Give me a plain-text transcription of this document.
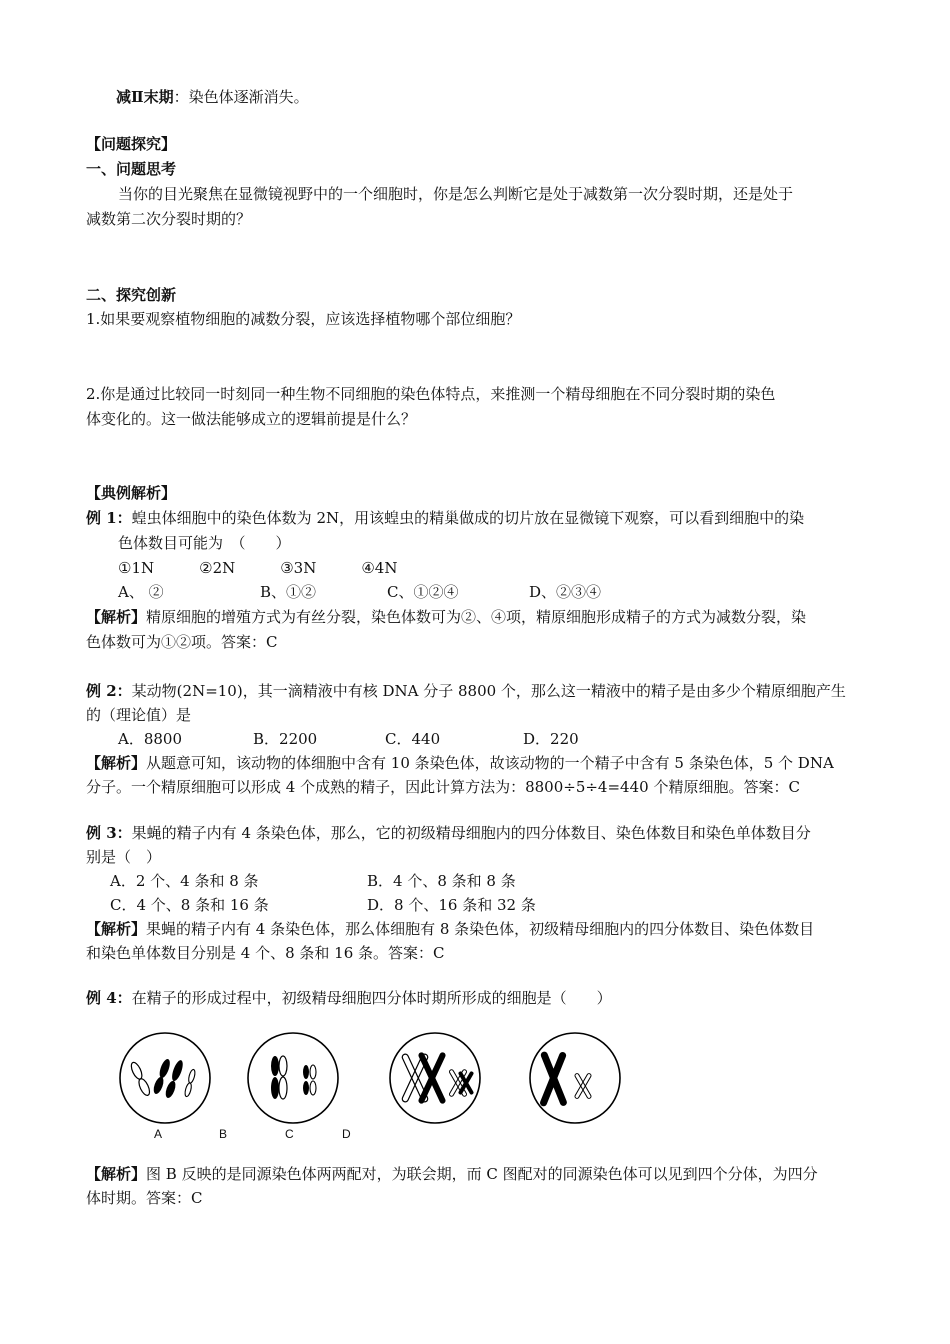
减Ⅱ末期：染色体逐渐消失。
【问题探究】
一、问题思考
当你的目光聚焦在显微镜视野中的一个细胞时，你是怎么判断它是处于减数第一次分裂时期，还是处于
减数第二次分裂时期的？
二、探究创新
1.如果要观察植物细胞的减数分裂，应该选择植物哪个部位细胞？
2.你是通过比较同一时刻同一种生物不同细胞的染色体特点，来推测一个精母细胞在不同分裂时期的染色
体变化的。这一做法能够成立的逻辑前提是什么？
【典例解析】
例 1：蝗虫体细胞中的染色体数为 2N，用该蝗虫的精巢做成的切片放在显微镜下观察，可以看到细胞中的染
色体数目可能为　（　　）
①1N　　　②2N　　　③3N　　　④4N
A、 ②	B、①②	C、①②④	D、②③④
【解析】精原细胞的增殖方式为有丝分裂，染色体数可为②、④项，精原细胞形成精子的方式为减数分裂，染
色体数可为①②项。答案：C
例 2：某动物(2N=10)，其一滴精液中有核 DNA 分子 8800 个，那么这一精液中的精子是由多少个精原细胞产生
的（理论值）是
A．8800	B．2200	C．440	D．220
【解析】从题意可知，该动物的体细胞中含有 10 条染色体，故该动物的一个精子中含有 5 条染色体，5 个 DNA
分子。一个精原细胞可以形成 4 个成熟的精子，因此计算方法为：8800÷5÷4=440 个精原细胞。答案：C
例 3：果蝇的精子内有 4 条染色体，那么，它的初级精母细胞内的四分体数目、染色体数目和染色单体数目分
别是（　）
A．2 个、4 条和 8 条	B．4 个、8 条和 8 条
C．4 个、8 条和 16 条	D．8 个、16 条和 32 条
【解析】果蝇的精子内有 4 条染色体，那么体细胞有 8 条染色体，初级精母细胞内的四分体数目、染色体数目
和染色单体数目分别是 4 个、8 条和 16 条。答案：C
例 4：在精子的形成过程中，初级精母细胞四分体时期所形成的细胞是（　　）
A	B	C	D
【解析】图 B 反映的是同源染色体两两配对，为联会期，而 C 图配对的同源染色体可以见到四个分体，为四分
体时期。答案：C
